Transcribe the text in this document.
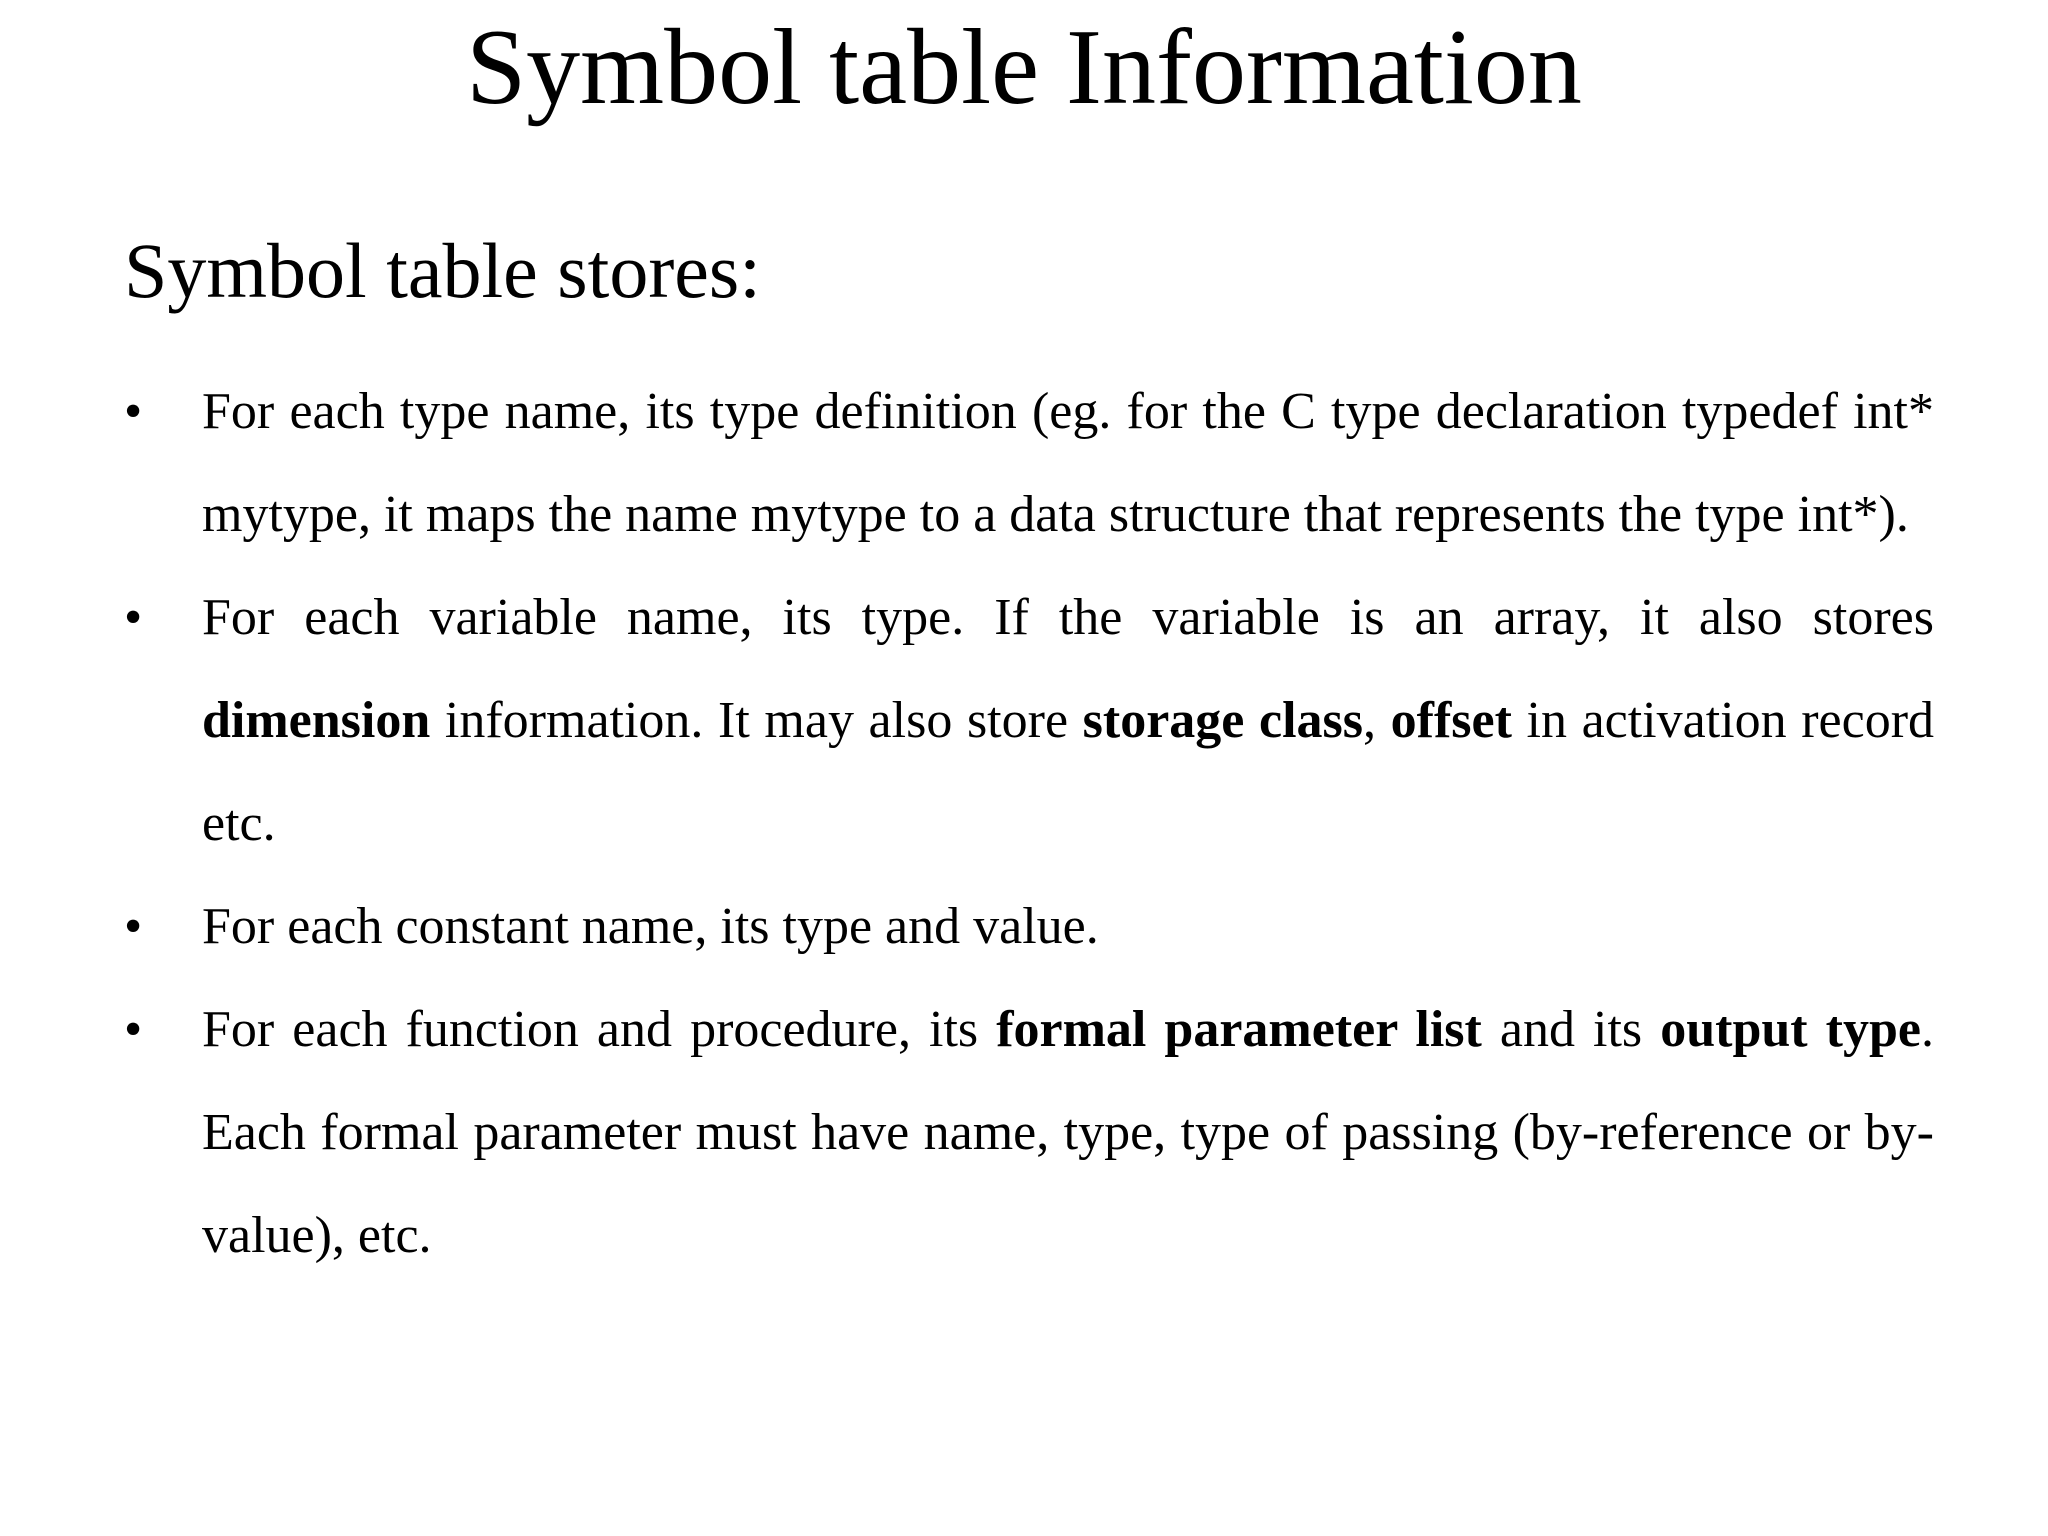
Symbol table Information
Symbol table stores:
• For each type name, its type definition (eg. for the C type declaration typedef int* mytype, it maps the name mytype to a data structure that represents the type int*).
• For each variable name, its type. If the variable is an array, it also stores dimension information. It may also store storage class, offset in activation record etc.
• For each constant name, its type and value.
• For each function and procedure, its formal parameter list and its output type. Each formal parameter must have name, type, type of passing (by-reference or by-value), etc.
